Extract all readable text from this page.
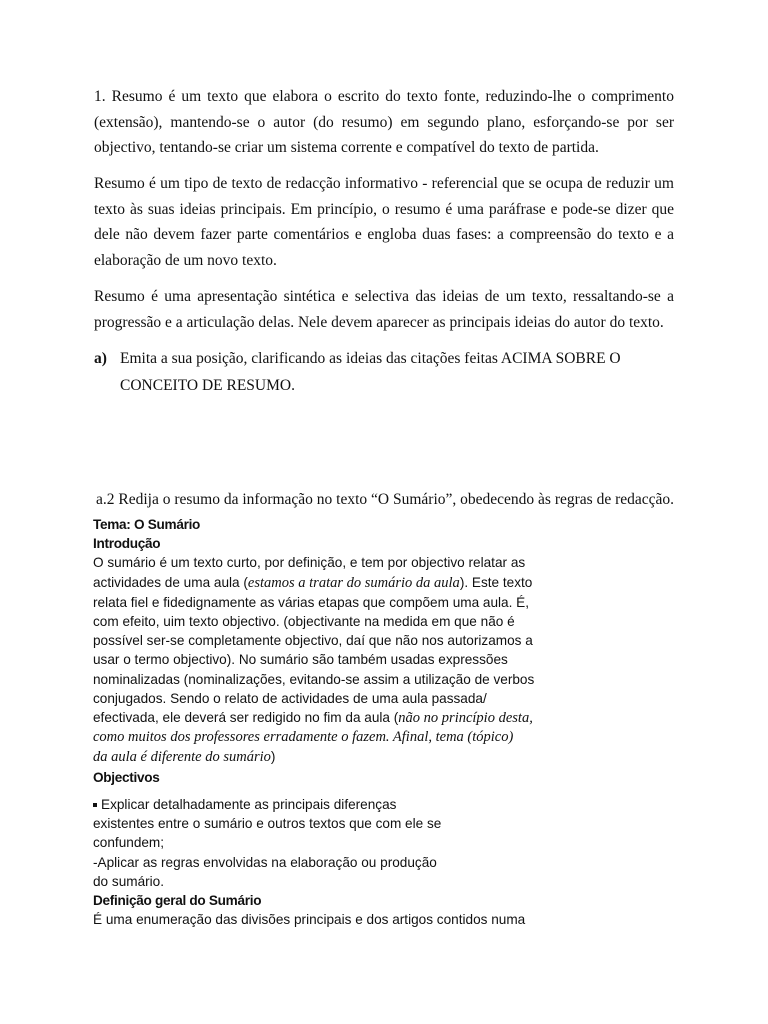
1. Resumo é um texto que elabora o escrito do texto fonte, reduzindo-lhe o comprimento (extensão), mantendo-se o autor (do resumo) em segundo plano, esforçando-se por ser objectivo, tentando-se criar um sistema corrente e compatível do texto de partida.

Resumo é um tipo de texto de redacção informativo - referencial que se ocupa de reduzir um texto às suas ideias principais. Em princípio, o resumo é uma paráfrase e pode-se dizer que dele não devem fazer parte comentários e engloba duas fases: a compreensão do texto e a elaboração de um novo texto.

Resumo é uma apresentação sintética e selectiva das ideias de um texto, ressaltando-se a progressão e a articulação delas. Nele devem aparecer as principais ideias do autor do texto.

a) Emita a sua posição, clarificando as ideias das citações feitas ACIMA SOBRE O
CONCEITO DE RESUMO.
a.2 Redija o resumo da informação no texto “O Sumário”, obedecendo às regras de redacção.
Tema: O Sumário
Introdução
O sumário é um texto curto, por definição, e tem por objectivo relatar as
actividades de uma aula (estamos a tratar do sumário da aula). Este texto
relata fiel e fidedignamente as várias etapas que compõem uma aula. É,
com efeito, uim texto objectivo. (objectivante na medida em que não é
possível ser-se completamente objectivo, daí que não nos autorizamos a
usar o termo objectivo). No sumário são também usadas expressões
nominalizadas (nominalizações, evitando-se assim a utilização de verbos
conjugados. Sendo o relato de actividades de uma aula passada/
efectivada, ele deverá ser redigido no fim da aula (não no princípio desta,
como muitos dos professores erradamente o fazem. Afinal, tema (tópico)
da aula é diferente do sumário)
Objectivos
Explicar detalhadamente as principais diferenças
existentes entre o sumário e outros textos que com ele se
confundem;
-Aplicar as regras envolvidas na elaboração ou produção
do sumário.
Definição geral do Sumário
É uma enumeração das divisões principais e dos artigos contidos numa
